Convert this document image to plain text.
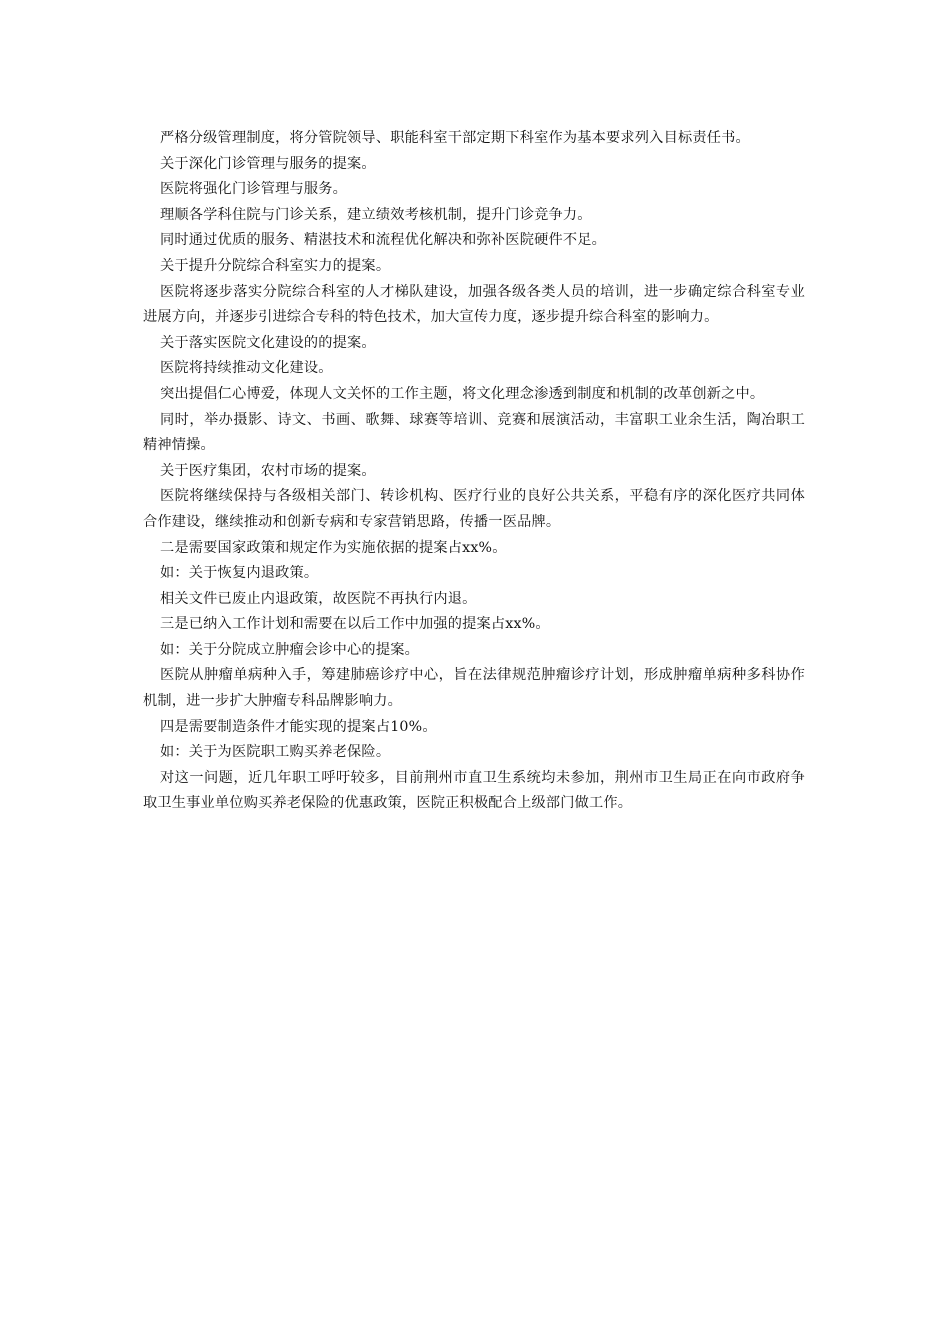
严格分级管理制度，将分管院领导、职能科室干部定期下科室作为基本要求列入目标责任书。

关于深化门诊管理与服务的提案。

医院将强化门诊管理与服务。

理顺各学科住院与门诊关系，建立绩效考核机制，提升门诊竞争力。

同时通过优质的服务、精湛技术和流程优化解决和弥补医院硬件不足。

关于提升分院综合科室实力的提案。

医院将逐步落实分院综合科室的人才梯队建设，加强各级各类人员的培训，进一步确定综合科室专业进展方向，并逐步引进综合专科的特色技术，加大宣传力度，逐步提升综合科室的影响力。

关于落实医院文化建设的的提案。

医院将持续推动文化建设。

突出提倡仁心博爱，体现人文关怀的工作主题，将文化理念渗透到制度和机制的改革创新之中。

同时，举办摄影、诗文、书画、歌舞、球赛等培训、竞赛和展演活动，丰富职工业余生活，陶冶职工精神情操。

关于医疗集团，农村市场的提案。

医院将继续保持与各级相关部门、转诊机构、医疗行业的良好公共关系，平稳有序的深化医疗共同体合作建设，继续推动和创新专病和专家营销思路，传播一医品牌。

二是需要国家政策和规定作为实施依据的提案占xx%。

如：关于恢复内退政策。

相关文件已废止内退政策，故医院不再执行内退。

三是已纳入工作计划和需要在以后工作中加强的提案占xx%。

如：关于分院成立肿瘤会诊中心的提案。

医院从肿瘤单病种入手，筹建肺癌诊疗中心，旨在法律规范肿瘤诊疗计划，形成肿瘤单病种多科协作机制，进一步扩大肿瘤专科品牌影响力。

四是需要制造条件才能实现的提案占10%。

如：关于为医院职工购买养老保险。

对这一问题，近几年职工呼吁较多，目前荆州市直卫生系统均未参加，荆州市卫生局正在向市政府争取卫生事业单位购买养老保险的优惠政策，医院正积极配合上级部门做工作。
